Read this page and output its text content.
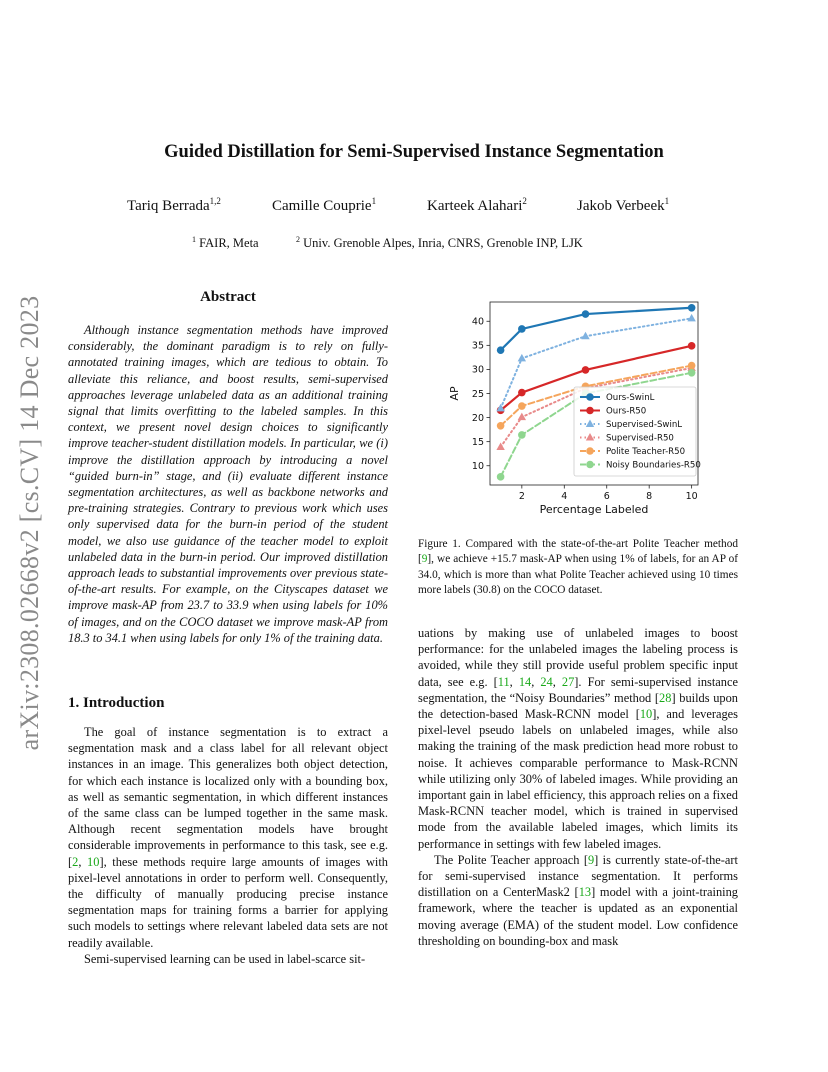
Guided Distillation for Semi-Supervised Instance Segmentation
Tariq Berrada$^{1,2}$	Camille Couprie$^1$	Karteek Alahari$^2$	Jakob Verbeek$^1$
$^1$ FAIR, Meta	$^2$ Univ. Grenoble Alpes, Inria, CNRS, Grenoble INP, LJK
arXiv:2308.02668v2 [cs.CV] 14 Dec 2023	Abstract

Although instance segmentation methods have improved considerably, the dominant paradigm is to rely on fully-annotated training images, which are tedious to obtain. To alleviate this reliance, and boost results, semi-supervised approaches leverage unlabeled data as an additional training signal that limits overfitting to the labeled samples. In this context, we present novel design choices to significantly improve teacher-student distillation models. In particular, we (i) improve the distillation approach by introducing a novel “guided burn-in” stage, and (ii) evaluate different instance segmentation architectures, as well as backbone networks and pre-training strategies. Contrary to previous work which uses only supervised data for the burn-in period of the student model, we also use guidance of the teacher model to exploit unlabeled data in the burn-in period. Our improved distillation approach leads to substantial improvements over previous state-of-the-art results. For example, on the Cityscapes dataset we improve mask-AP from 23.7 to 33.9 when using labels for 10% of images, and on the COCO dataset we improve mask-AP from 18.3 to 34.1 when using labels for only 1% of the training data.

1. Introduction

The goal of instance segmentation is to extract a segmentation mask and a class label for all relevant object instances in an image. This generalizes both object detection, for which each instance is localized only with a bounding box, as well as semantic segmentation, in which different instances of the same class can be lumped together in the same mask. Although recent segmentation models have brought considerable improvements in performance to this task, see e.g. [2, 10], these methods require large amounts of images with pixel-level annotations in order to perform well. Consequently, the difficulty of manually producing precise instance segmentation maps for training forms a barrier for applying such models to settings where relevant labeled data sets are not readily available.

Semi-supervised learning can be used in label-scarce sit-

2	4	6	8	10
10
15
20
25
30
35
40
Percentage Labeled
AP	Ours-SwinL
Ours-R50
Supervised-SwinL
Supervised-R50
Polite Teacher-R50
Noisy Boundaries-R50

Figure 1. Compared with the state-of-the-art Polite Teacher method [9], we achieve +15.7 mask-AP when using 1% of labels, for an AP of 34.0, which is more than what Polite Teacher achieved using 10 times more labels (30.8) on the COCO dataset.

uations by making use of unlabeled images to boost performance: for the unlabeled images the labeling process is avoided, while they still provide useful problem specific input data, see e.g. [11, 14, 24, 27]. For semi-supervised instance segmentation, the “Noisy Boundaries” method [28] builds upon the detection-based Mask-RCNN model [10], and leverages pixel-level pseudo labels on unlabeled images, while also making the training of the mask prediction head more robust to noise. It achieves comparable performance to Mask-RCNN while utilizing only 30% of labeled images. While providing an important gain in label efficiency, this approach relies on a fixed Mask-RCNN teacher model, which is trained in supervised mode from the available labeled images, which limits its performance in settings with few labeled images.

The Polite Teacher approach [9] is currently state-of-the-art for semi-supervised instance segmentation. It performs distillation on a CenterMask2 [13] model with a joint-training framework, where the teacher is updated as an exponential moving average (EMA) of the student model. Low confidence thresholding on bounding-box and mask
